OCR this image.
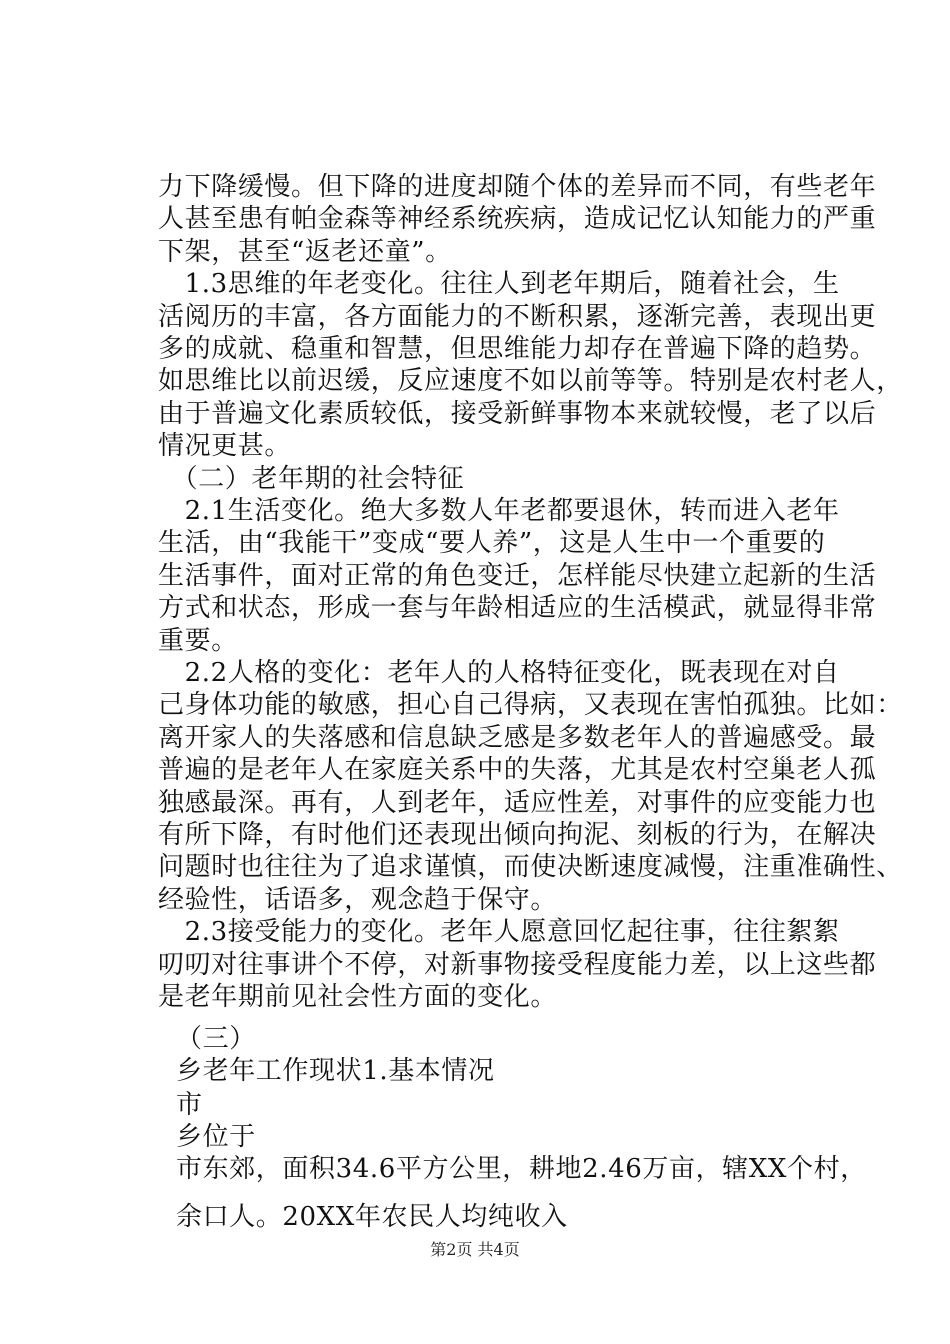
力下降缓慢。但下降的进度却随个体的差异而不同，有些老年
人甚至患有帕金森等神经系统疾病，造成记忆认知能力的严重
下架，甚至“返老还童”。
　1.3思维的年老变化。往往人到老年期后，随着社会，生
活阅历的丰富，各方面能力的不断积累，逐渐完善，表现出更
多的成就、稳重和智慧，但思维能力却存在普遍下降的趋势。
如思维比以前迟缓，反应速度不如以前等等。特别是农村老人，
由于普遍文化素质较低，接受新鲜事物本来就较慢，老了以后
情况更甚。
　（二）老年期的社会特征
　2.1生活变化。绝大多数人年老都要退休，转而进入老年
生活，由“我能干”变成“要人养”，这是人生中一个重要的
生活事件，面对正常的角色变迁，怎样能尽快建立起新的生活
方式和状态，形成一套与年龄相适应的生活模武，就显得非常
重要。
　2.2人格的变化：老年人的人格特征变化，既表现在对自
己身体功能的敏感，担心自己得病，又表现在害怕孤独。比如：
离开家人的失落感和信息缺乏感是多数老年人的普遍感受。最
普遍的是老年人在家庭关系中的失落，尤其是农村空巢老人孤
独感最深。再有，人到老年，适应性差，对事件的应变能力也
有所下降，有时他们还表现出倾向拘泥、刻板的行为，在解决
问题时也往往为了追求谨慎，而使决断速度减慢，注重准确性、
经验性，话语多，观念趋于保守。
　2.3接受能力的变化。老年人愿意回忆起往事，往往絮絮
叨叨对往事讲个不停，对新事物接受程度能力差，以上这些都
是老年期前见社会性方面的变化。
（三）
乡老年工作现状1.基本情况
市
乡位于
市东郊，面积34.6平方公里，耕地2.46万亩，辖XX个村，
余口人。20XX年农民人均纯收入
第2页 共4页
